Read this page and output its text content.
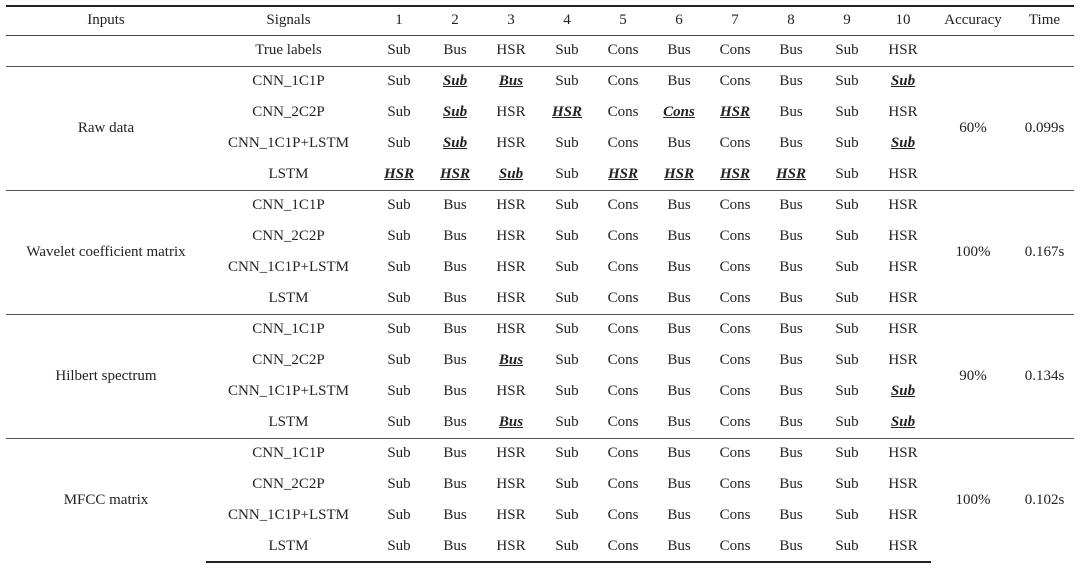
Inputs	Signals	1	2	3	4	5	6	7	8	9	10	Accuracy	Time
	True labels	Sub	Bus	HSR	Sub	Cons	Bus	Cons	Bus	Sub	HSR		
Raw data	CNN_1C1P	Sub	Sub	Bus	Sub	Cons	Bus	Cons	Bus	Sub	Sub	60%	0.099s
	CNN_2C2P	Sub	Sub	HSR	HSR	Cons	Cons	HSR	Bus	Sub	HSR		
	CNN_1C1P+LSTM	Sub	Sub	HSR	Sub	Cons	Bus	Cons	Bus	Sub	Sub		
	LSTM	HSR	HSR	Sub	Sub	HSR	HSR	HSR	HSR	Sub	HSR		
Wavelet coefficient matrix	CNN_1C1P	Sub	Bus	HSR	Sub	Cons	Bus	Cons	Bus	Sub	HSR	100%	0.167s
	CNN_2C2P	Sub	Bus	HSR	Sub	Cons	Bus	Cons	Bus	Sub	HSR		
	CNN_1C1P+LSTM	Sub	Bus	HSR	Sub	Cons	Bus	Cons	Bus	Sub	HSR		
	LSTM	Sub	Bus	HSR	Sub	Cons	Bus	Cons	Bus	Sub	HSR		
Hilbert spectrum	CNN_1C1P	Sub	Bus	HSR	Sub	Cons	Bus	Cons	Bus	Sub	HSR	90%	0.134s
	CNN_2C2P	Sub	Bus	Bus	Sub	Cons	Bus	Cons	Bus	Sub	HSR		
	CNN_1C1P+LSTM	Sub	Bus	HSR	Sub	Cons	Bus	Cons	Bus	Sub	Sub		
	LSTM	Sub	Bus	Bus	Sub	Cons	Bus	Cons	Bus	Sub	Sub		
MFCC matrix	CNN_1C1P	Sub	Bus	HSR	Sub	Cons	Bus	Cons	Bus	Sub	HSR	100%	0.102s
	CNN_2C2P	Sub	Bus	HSR	Sub	Cons	Bus	Cons	Bus	Sub	HSR		
	CNN_1C1P+LSTM	Sub	Bus	HSR	Sub	Cons	Bus	Cons	Bus	Sub	HSR		
	LSTM	Sub	Bus	HSR	Sub	Cons	Bus	Cons	Bus	Sub	HSR		
